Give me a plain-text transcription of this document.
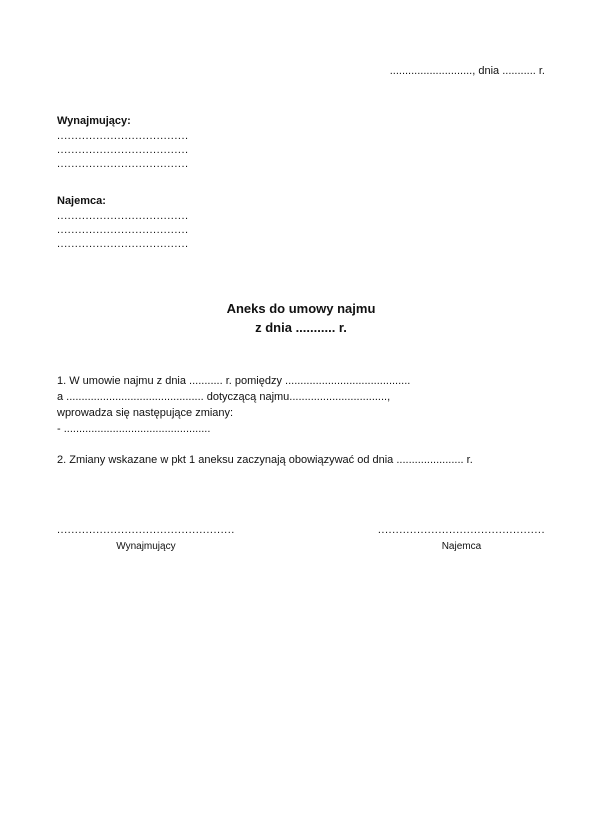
..........................., dnia ........... r.
Wynajmujący:
.....................................
.....................................
.....................................
Najemca:
.....................................
.....................................
.....................................
Aneks do umowy najmu
z dnia ........... r.
1. W umowie najmu z dnia ........... r. pomiędzy .........................................
a ............................................. dotyczącą najmu................................,
wprowadza się następujące zmiany:
- ................................................
2. Zmiany wskazane w pkt 1 aneksu zaczynają obowiązywać od dnia ...................... r.
..................................................
Wynajmujący
...............................................
Najemca
